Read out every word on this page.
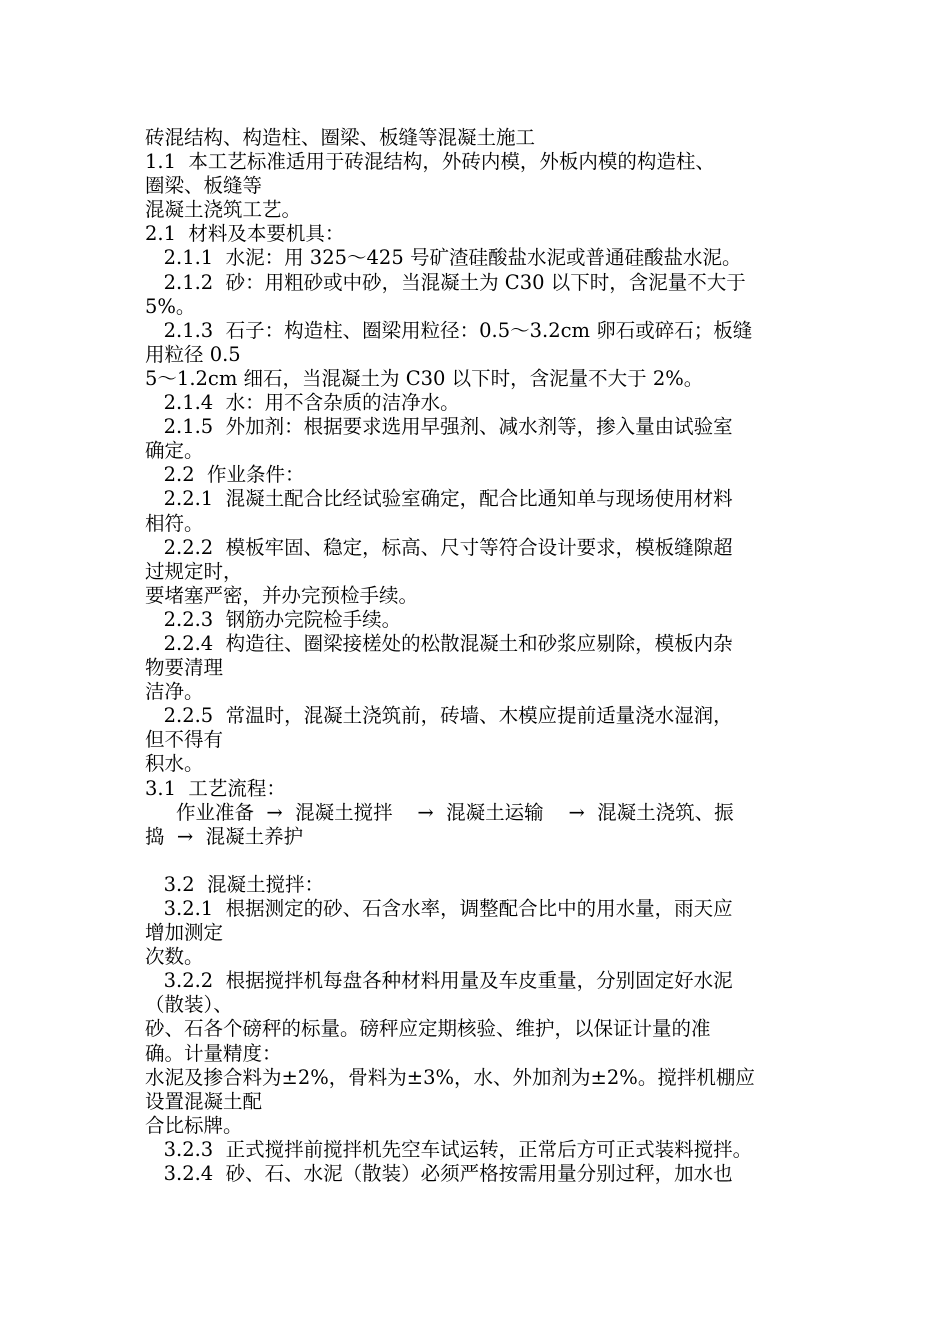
砖混结构、构造柱、圈梁、板缝等混凝土施工
1.1  本工艺标准适用于砖混结构，外砖内模，外板内模的构造柱、
圈梁、板缝等
混凝土浇筑工艺。
2.1  材料及本要机具：
2.1.1  水泥：用 325～425 号矿渣硅酸盐水泥或普通硅酸盐水泥。
2.1.2  砂：用粗砂或中砂，当混凝土为 C30 以下时，含泥量不大于
5%。
2.1.3  石子：构造柱、圈梁用粒径：0.5～3.2cm 卵石或碎石；板缝
用粒径 0.5
5～1.2cm 细石，当混凝土为 C30 以下时，含泥量不大于 2%。
2.1.4  水：用不含杂质的洁净水。
2.1.5  外加剂：根据要求选用早强剂、减水剂等，掺入量由试验室
确定。
2.2  作业条件：
2.2.1  混凝土配合比经试验室确定，配合比通知单与现场使用材料
相符。
2.2.2  模板牢固、稳定，标高、尺寸等符合设计要求，模板缝隙超
过规定时，
要堵塞严密，并办完预检手续。
2.2.3  钢筋办完院检手续。
2.2.4  构造往、圈梁接槎处的松散混凝土和砂浆应剔除，模板内杂
物要清理
洁净。
2.2.5  常温时，混凝土浇筑前，砖墙、木模应提前适量浇水湿润，
但不得有
积水。
3.1  工艺流程：
作业准备  →  混凝土搅拌    →  混凝土运输    →  混凝土浇筑、振
捣  →  混凝土养护
3.2  混凝土搅拌：
3.2.1  根据测定的砂、石含水率，调整配合比中的用水量，雨天应
增加测定
次数。
3.2.2  根据搅拌机每盘各种材料用量及车皮重量，分别固定好水泥
（散装）、
砂、石各个磅秤的标量。磅秤应定期核验、维护，以保证计量的准
确。计量精度：
水泥及掺合料为±2%，骨料为±3%，水、外加剂为±2%。搅拌机棚应
设置混凝土配
合比标牌。
3.2.3  正式搅拌前搅拌机先空车试运转，正常后方可正式装料搅拌。
3.2.4  砂、石、水泥（散装）必须严格按需用量分别过秤，加水也
